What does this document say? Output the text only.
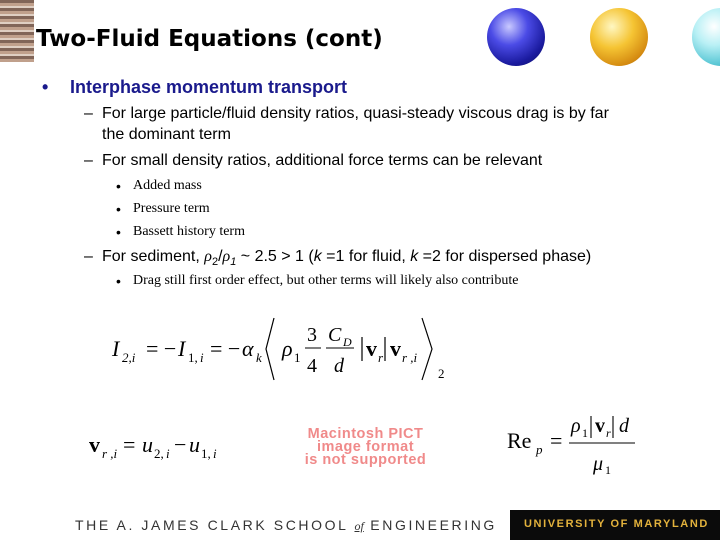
Two-Fluid Equations (cont)
• Interphase momentum transport
– For large particle/fluid density ratios, quasi-steady viscous drag is by far
the dominant term
– For small density ratios, additional force terms can be relevant
• Added mass
• Pressure term
• Bassett history term
– For sediment, $\rho_2/\rho_1$ ~ 2.5 > 1 (k =1 for fluid, k =2 for dispersed phase)
• Drag still first order effect, but other terms will likely also contribute
I 2,i = − I 1, i = − α k ρ 1
3
4
C D
d
v r v r ,i
2
v r ,i = u 2, i − u 1, i
Macintosh PICT
image format
is not supported
Re p =
ρ 1 v r d
μ 1
THE A. JAMES CLARK SCHOOL of ENGINEERING UNIVERSITY OF MARYLAND
